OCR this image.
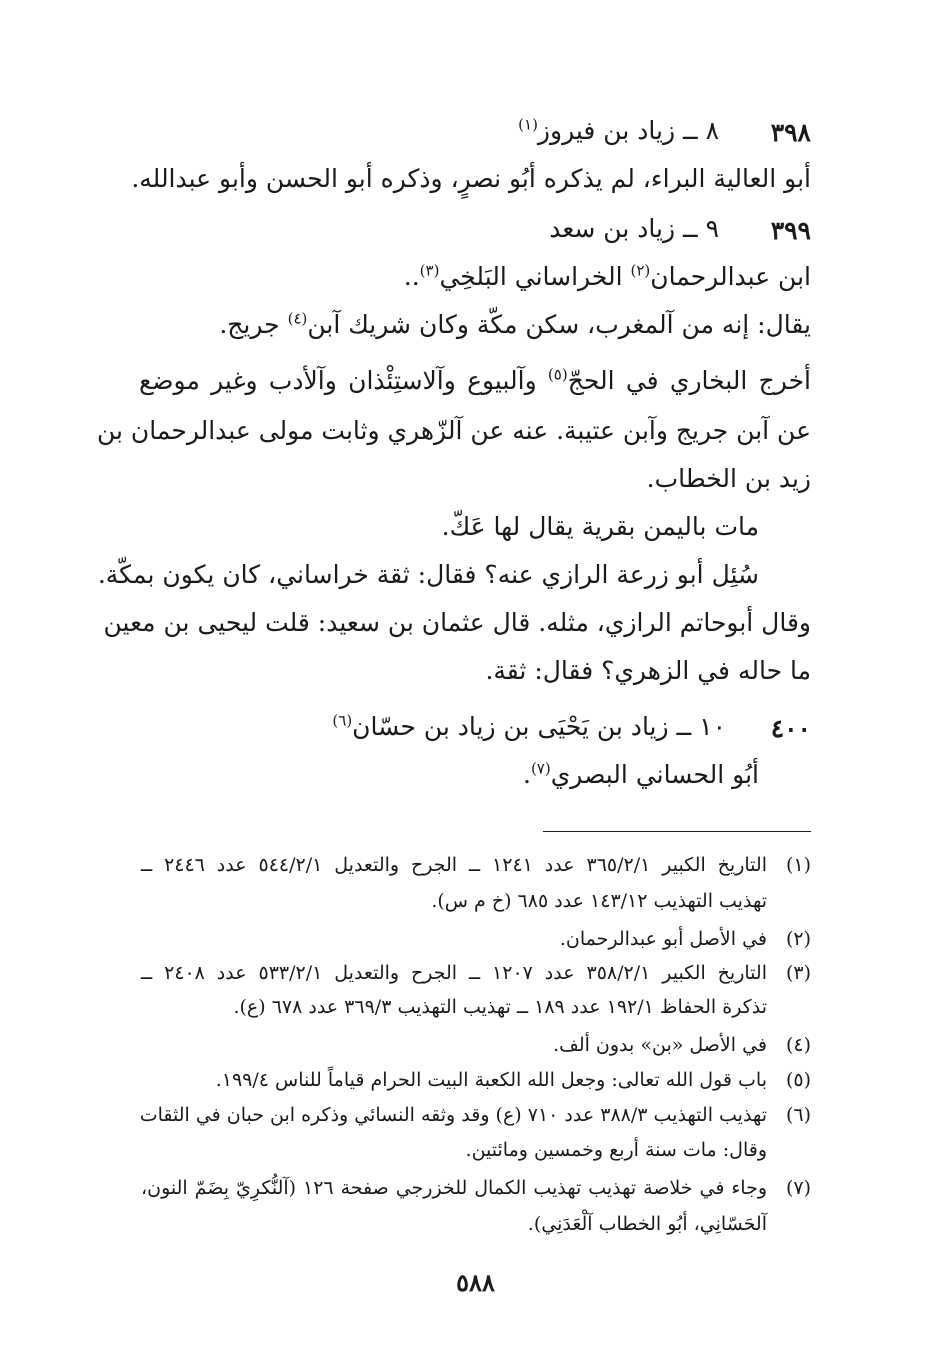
٣٩٨
٨ ــ زياد بن فيروز$^{(١)}$
أبو العالية البراء، لم يذكره أبُو نصرٍ، وذكره أبو الحسن وأبو عبدالله.
٣٩٩
٩ ــ زياد بن سعد
ابن عبدالرحمان$^{(٢)}$ الخراساني البَلخِي$^{(٣)}$..
يقال: إنه من آلمغرب، سكن مكّة وكان شريك آبن$^{(٤)}$ جريج.
أخرج البخاري في الحجّ$^{(٥)}$ وآلبيوع وآلاستِئْذان وآلأدب وغير موضع
عن آبن جريج وآبن عتيبة. عنه عن آلزّهري وثابت مولى عبدالرحمان بن
زيد بن الخطاب.
مات باليمن بقرية يقال لها عَكّ.
سُئِل أبو زرعة الرازي عنه؟ فقال: ثقة خراساني، كان يكون بمكّة.
وقال أبوحاتم الرازي، مثله. قال عثمان بن سعيد: قلت ليحيى بن معين
ما حاله في الزهري؟ فقال: ثقة.
٤٠٠
١٠ ــ زياد بن يَحْيَى بن زياد بن حسّان$^{(٦)}$
أبُو الحساني البصري$^{(٧)}$.
(١)
التاريخ الكبير ٣٦٥/٢/١ عدد ١٢٤١ ــ الجرح والتعديل ٥٤٤/٢/١ عدد ٢٤٤٦ ــ
تهذيب التهذيب ١٤٣/١٢ عدد ٦٨٥ (خ م س).
(٢)
في الأصل أبو عبدالرحمان.
(٣)
التاريخ الكبير ٣٥٨/٢/١ عدد ١٢٠٧ ــ الجرح والتعديل ٥٣٣/٢/١ عدد ٢٤٠٨ ــ
تذكرة الحفاظ ١٩٢/١ عدد ١٨٩ ــ تهذيب التهذيب ٣٦٩/٣ عدد ٦٧٨ (ع).
(٤)
في الأصل «بن» بدون ألف.
(٥)
باب قول الله تعالى: وجعل الله الكعبة البيت الحرام قياماً للناس ١٩٩/٤.
(٦)
تهذيب التهذيب ٣٨٨/٣ عدد ٧١٠ (ع) وقد وثقه النسائي وذكره ابن حبان في الثقات
وقال: مات سنة أربع وخمسين ومائتين.
(٧)
وجاء في خلاصة تهذيب تهذيب الكمال للخزرجي صفحة ١٢٦ (آلنُّكرِيّ بِضَمّ النون،
آلحَسّانِي، أبُو الخطاب آلْعَدَنِي).
٥٨٨
